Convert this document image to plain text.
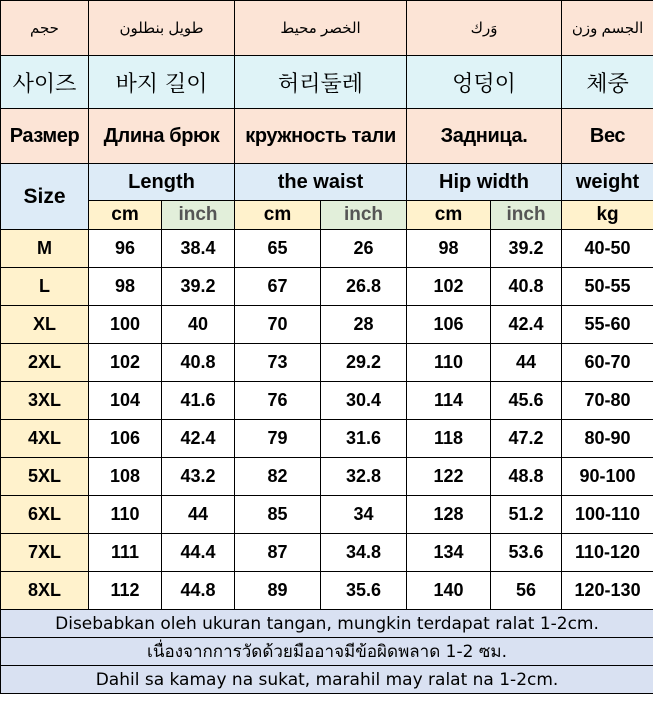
حجم	طويل بنطلون		الخصر محيط		وَرك		الجسم وزن
사이즈	바지 길이		허리둘레		엉덩이		체중
Размер	Длина брюк		кружность тали		Задница.		Вес
Size	Length		the waist		Hip width		weight
	cm	inch	cm	inch	cm	inch	kg
M	96	38.4	65	26	98	39.2	40-50
L	98	39.2	67	26.8	102	40.8	50-55
XL	100	40	70	28	106	42.4	55-60
2XL	102	40.8	73	29.2	110	44	60-70
3XL	104	41.6	76	30.4	114	45.6	70-80
4XL	106	42.4	79	31.6	118	47.2	80-90
5XL	108	43.2	82	32.8	122	48.8	90-100
6XL	110	44	85	34	128	51.2	100-110
7XL	111	44.4	87	34.8	134	53.6	110-120
8XL	112	44.8	89	35.6	140	56	120-130
Disebabkan oleh ukuran tangan, mungkin terdapat ralat 1-2cm.							
เนื่องจากการวัดด้วยมืออาจมีข้อผิดพลาด 1-2 ซม.							
Dahil sa kamay na sukat, marahil may ralat na 1-2cm.							
